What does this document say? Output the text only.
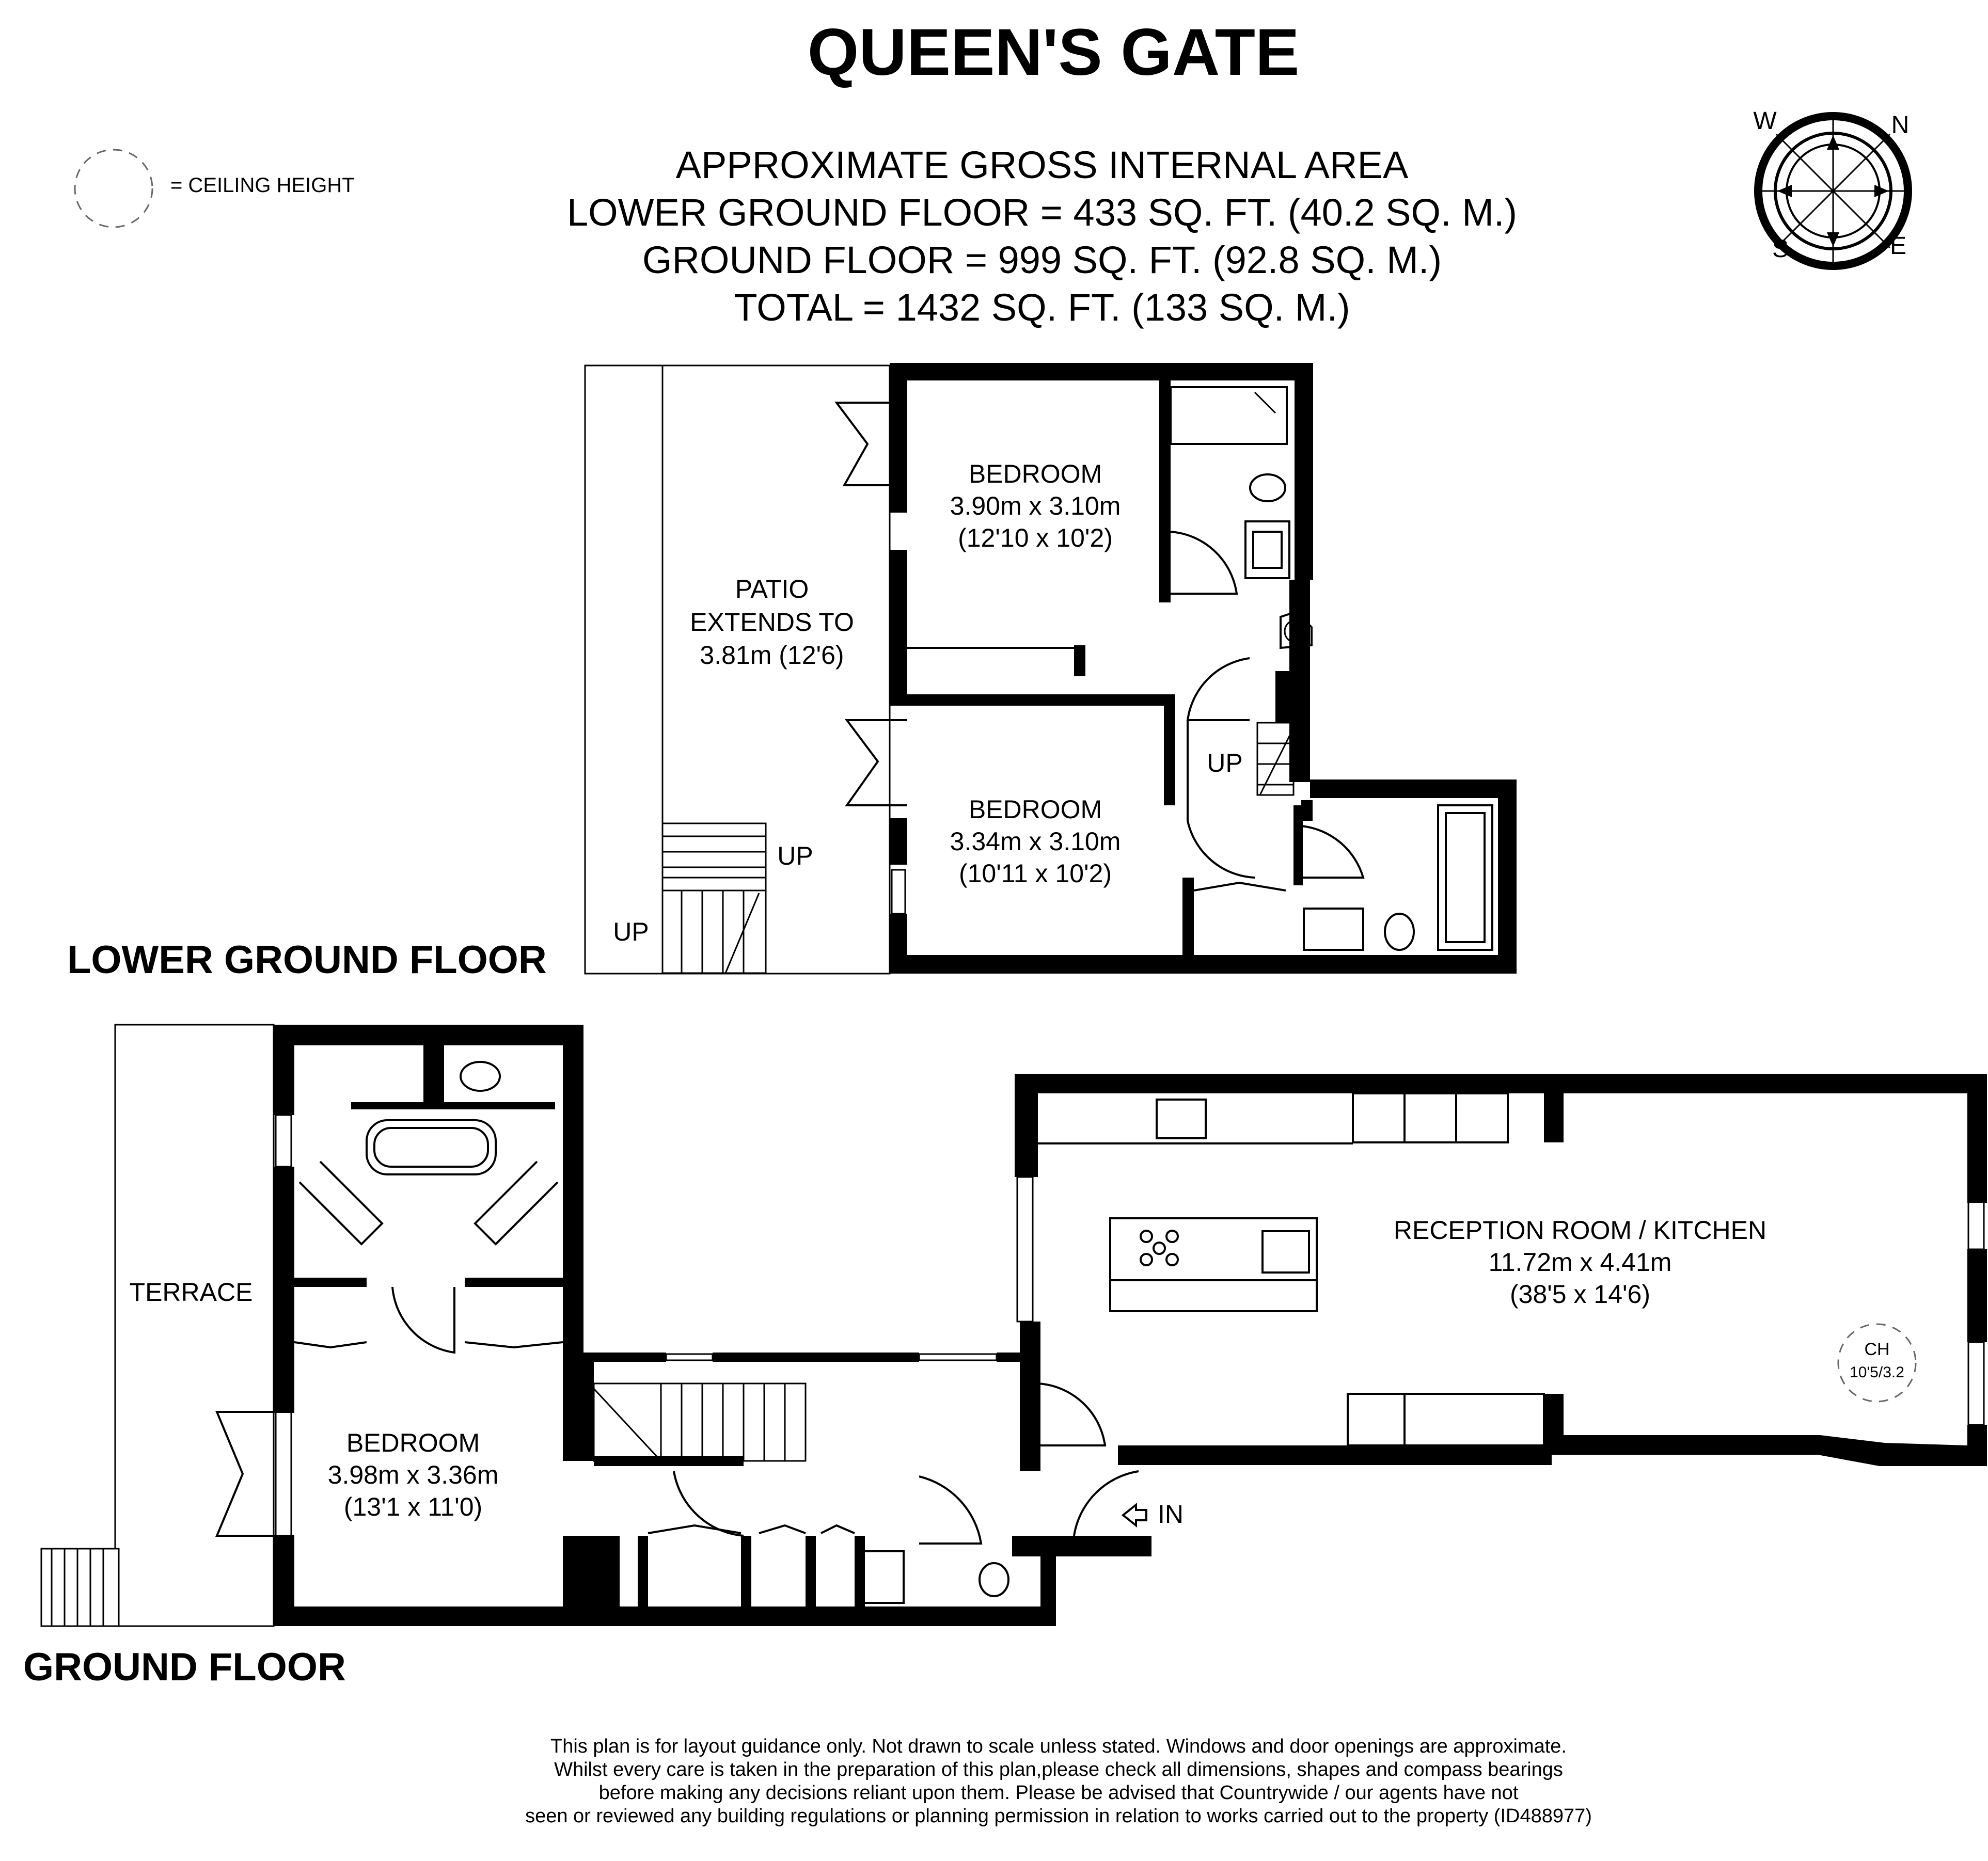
QUEEN'S GATE
APPROXIMATE GROSS INTERNAL AREA
LOWER GROUND FLOOR = 433 SQ. FT. (40.2 SQ. M.)
GROUND FLOOR = 999 SQ. FT. (92.8 SQ. M.)
TOTAL = 1432 SQ. FT. (133 SQ. M.)
= CEILING HEIGHT
W	N
S	E
T
BEDROOM
3.90m x 3.10m
(12'10 x 10'2)
BEDROOM
3.34m x 3.10m
(10'11 x 10'2)
PATIO
EXTENDS TO
3.81m (12'6)
UP
UP
UP
LOWER GROUND FLOOR
CH
10'5/3.2
RECEPTION ROOM / KITCHEN
11.72m x 4.41m
(38'5 x 14'6)
BEDROOM
3.98m x 3.36m
(13'1 x 11'0)
TERRACE
IN
GROUND FLOOR
This plan is for layout guidance only. Not drawn to scale unless stated. Windows and door openings are approximate.
Whilst every care is taken in the preparation of this plan,please check all dimensions, shapes and compass bearings
before making any decisions reliant upon them. Please be advised that Countrywide / our agents have not
seen or reviewed any building regulations or planning permission in relation to works carried out to the property (ID488977)
